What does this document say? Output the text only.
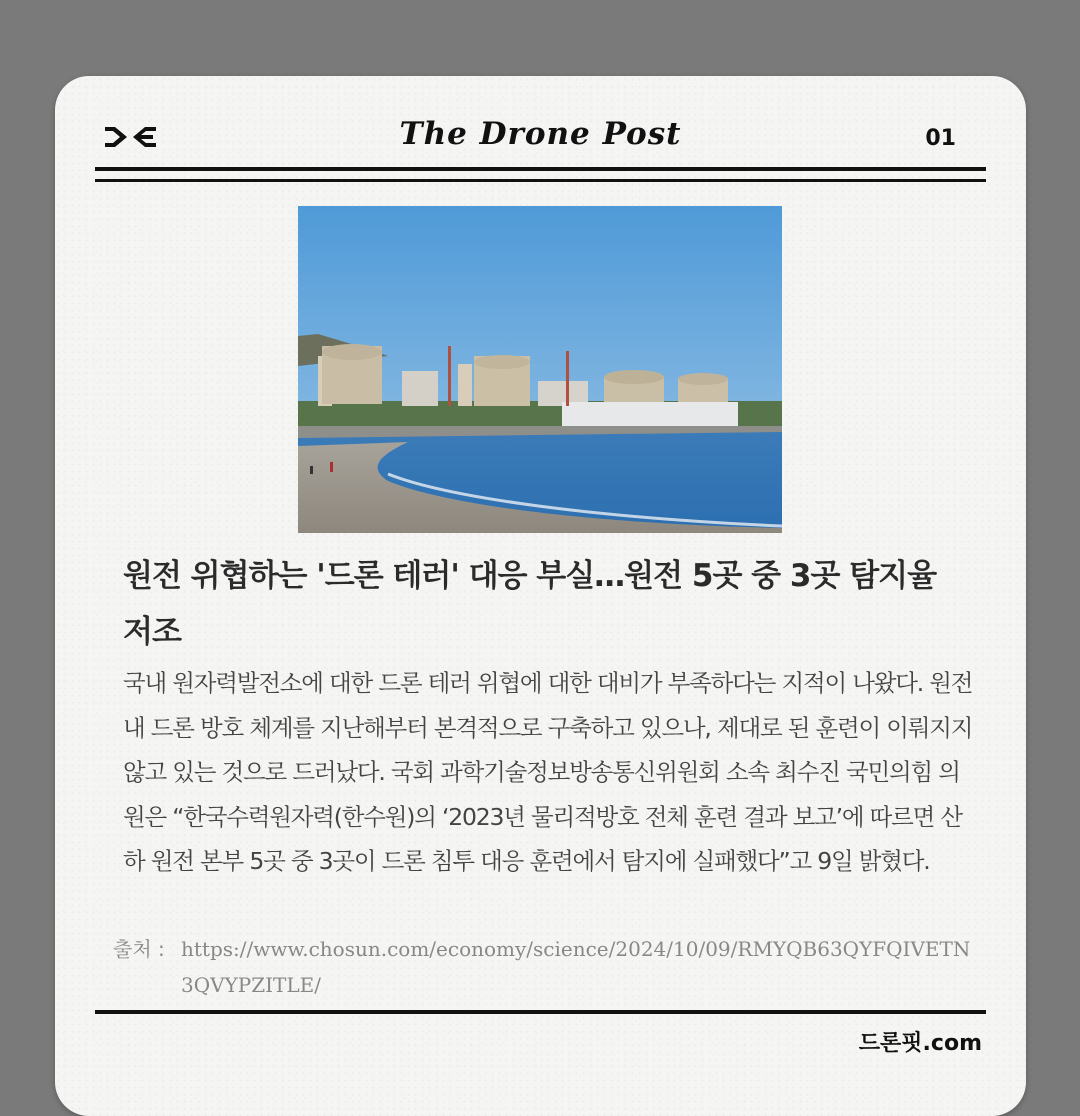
The Drone Post	01
원전 위협하는 '드론 테러' 대응 부실…원전 5곳 중 3곳 탐지율 저조
국내 원자력발전소에 대한 드론 테러 위협에 대한 대비가 부족하다는 지적이 나왔다. 원전 내 드론 방호 체계를 지난해부터 본격적으로 구축하고 있으나, 제대로 된 훈련이 이뤄지지 않고 있는 것으로 드러났다. 국회 과학기술정보방송통신위원회 소속 최수진 국민의힘 의원은 “한국수력원자력(한수원)의 ‘2023년 물리적방호 전체 훈련 결과 보고’에 따르면 산하 원전 본부 5곳 중 3곳이 드론 침투 대응 훈련에서 탐지에 실패했다”고 9일 밝혔다.
출처 : https://www.chosun.com/economy/science/2024/10/09/RMYQB63QYFQIVETN3QVYPZITLE/
드론핏.com
